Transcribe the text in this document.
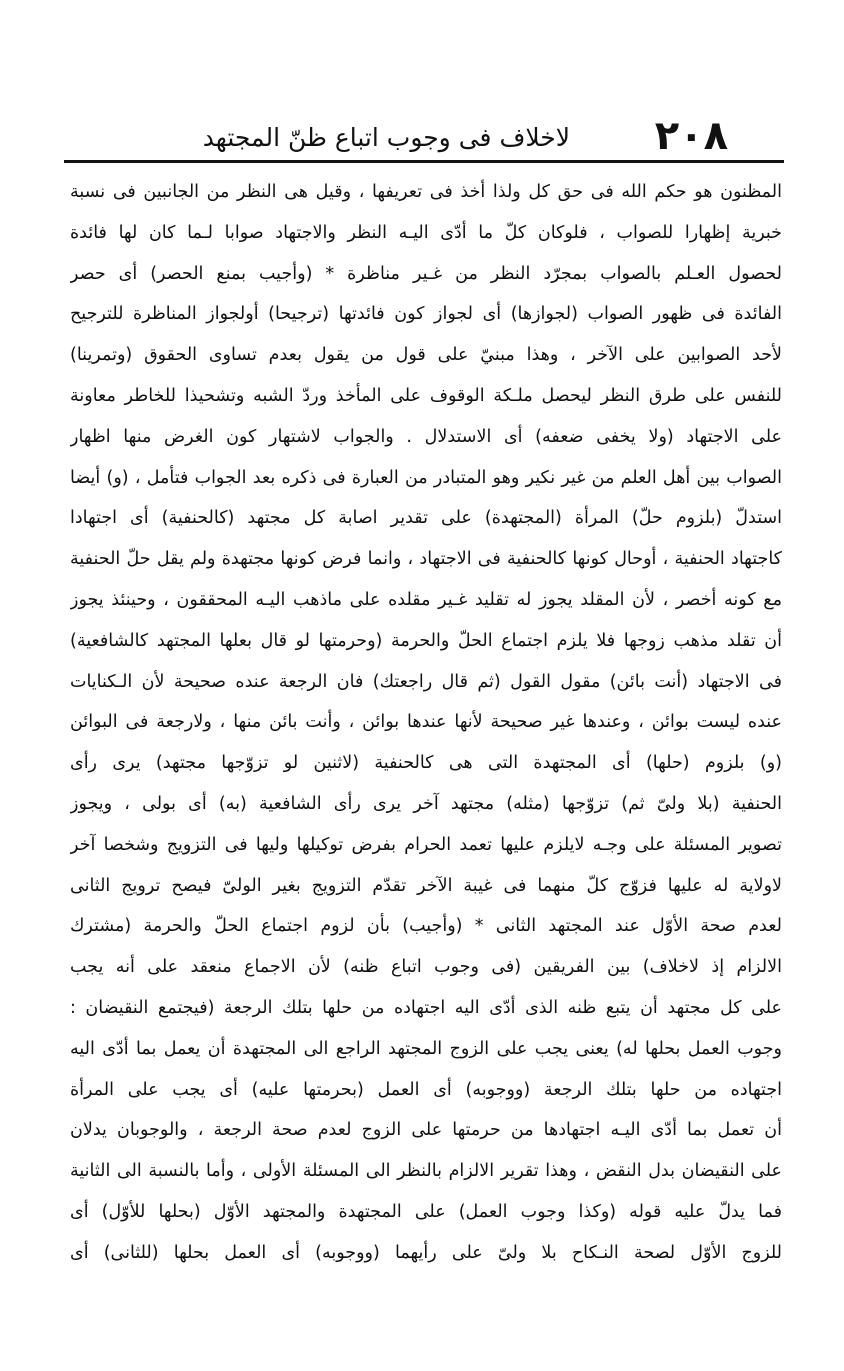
٢٠٨
لاخلاف فى وجوب اتباع ظنّ المجتهد
المظنون هو حكم الله فى حق كل ولذا أخذ فى تعريفها ، وقيل هى النظر من الجانبين فى نسبة
خبرية إظهارا للصواب ، فلوكان كلّ ما أدّى اليـه النظر والاجتهاد صوابا لـما كان لها فائدة
لحصول العـلم بالصواب بمجرّد النظر من غـير مناظرة * (وأجيب بمنع الحصر) أى حصر
الفائدة فى ظهور الصواب (لجوازها) أى لجواز كون فائدتها (ترجيحا) أولجواز المناظرة للترجيح
لأحد الصوابين على الآخر ، وهذا مبنيّ على قول من يقول بعدم تساوى الحقوق (وتمرينا)
للنفس على طرق النظر ليحصل ملـكة الوقوف على المأخذ وردّ الشبه وتشحيذا للخاطر معاونة
على الاجتهاد (ولا يخفى ضعفه) أى الاستدلال . والجواب لاشتهار كون الغرض منها اظهار
الصواب بين أهل العلم من غير نكير وهو المتبادر من العبارة فى ذكره بعد الجواب فتأمل ، (و) أيضا
استدلّ (بلزوم حلّ) المرأة (المجتهدة) على تقدير اصابة كل مجتهد (كالحنفية) أى اجتهادا
كاجتهاد الحنفية ، أوحال كونها كالحنفية فى الاجتهاد ، وانما فرض كونها مجتهدة ولم يقل حلّ الحنفية
مع كونه أخصر ، لأن المقلد يجوز له تقليد غـير مقلده على ماذهب اليـه المحققون ، وحينئذ يجوز
أن تقلد مذهب زوجها فلا يلزم اجتماع الحلّ والحرمة (وحرمتها لو قال بعلها المجتهد كالشافعية)
فى الاجتهاد (أنت بائن) مقول القول (ثم قال راجعتك) فان الرجعة عنده صحيحة لأن الـكنايات
عنده ليست بوائن ، وعندها غير صحيحة لأنها عندها بوائن ، وأنت بائن منها ، ولارجعة فى البوائن
(و) بلزوم (حلها) أى المجتهدة التى هى كالحنفية (لاثنين لو تزوّجها مجتهد) يرى رأى
الحنفية (بلا ولىّ ثم) تزوّجها (مثله) مجتهد آخر يرى رأى الشافعية (به) أى بولى ، ويجوز
تصوير المسئلة على وجـه لايلزم عليها تعمد الحرام بفرض توكيلها وليها فى التزويج وشخصا آخر
لاولاية له عليها فزوّج كلّ منهما فى غيبة الآخر تقدّم التزويج بغير الولىّ فيصح ترويج الثانى
لعدم صحة الأوّل عند المجتهد الثانى * (وأجيب) بأن لزوم اجتماع الحلّ والحرمة (مشترك
الالزام إذ لاخلاف) بين الفريقين (فى وجوب اتباع ظنه) لأن الاجماع منعقد على أنه يجب
على كل مجتهد أن يتبع ظنه الذى أدّى اليه اجتهاده من حلها بتلك الرجعة (فيجتمع النقيضان :
وجوب العمل بحلها له) يعنى يجب على الزوج المجتهد الراجع الى المجتهدة أن يعمل بما أدّى اليه
اجتهاده من حلها بتلك الرجعة (ووجوبه) أى العمل (بحرمتها عليه) أى يجب على المرأة
أن تعمل بما أدّى اليـه اجتهادها من حرمتها على الزوج لعدم صحة الرجعة ، والوجوبان يدلان
على النقيضان بدل النقض ، وهذا تقرير الالزام بالنظر الى المسئلة الأولى ، وأما بالنسبة الى الثانية
فما يدلّ عليه قوله (وكذا وجوب العمل) على المجتهدة والمجتهد الأوّل (بحلها للأوّل) أى
للزوج الأوّل لصحة النـكاح بلا ولىّ على رأيهما (ووجوبه) أى العمل بحلها (للثانى) أى
